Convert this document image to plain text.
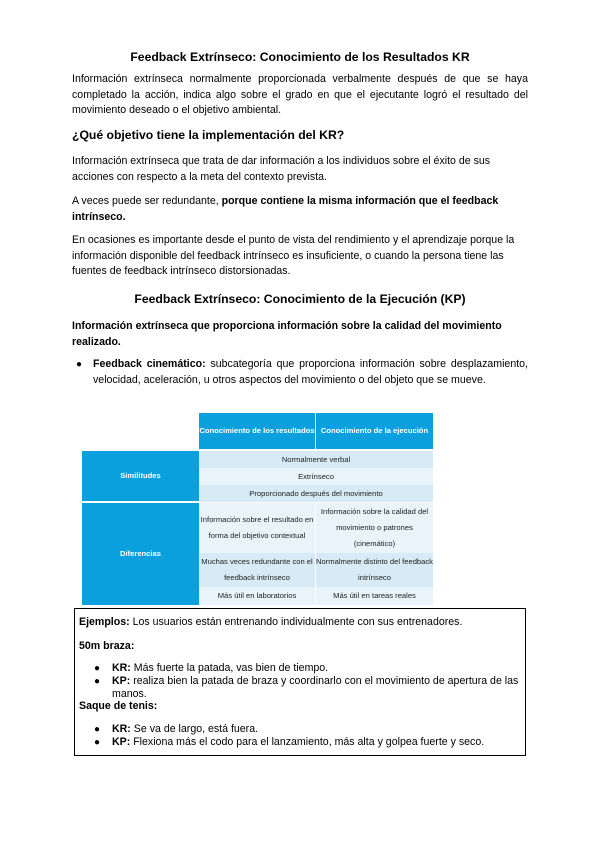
Feedback Extrínseco: Conocimiento de los Resultados KR
Información extrínseca normalmente proporcionada verbalmente después de que se haya completado la acción, indica algo sobre el grado en que el ejecutante logró el resultado del movimiento deseado o el objetivo ambiental.
¿Qué objetivo tiene la implementación del KR?
Información extrínseca que trata de dar información a los individuos sobre el éxito de sus acciones con respecto a la meta del contexto prevista.
A veces puede ser redundante, porque contiene la misma información que el feedback intrínseco.
En ocasiones es importante desde el punto de vista del rendimiento y el aprendizaje porque la información disponible del feedback intrínseco es insuficiente, o cuando la persona tiene las fuentes de feedback intrínseco distorsionadas.
Feedback Extrínseco: Conocimiento de la Ejecución (KP)
Información extrínseca que proporciona información sobre la calidad del movimiento realizado.
● Feedback cinemático: subcategoría que proporciona información sobre desplazamiento, velocidad, aceleración, u otros aspectos del movimiento o del objeto que se mueve.
Conocimiento de los resultados Conocimiento de la ejecución
Similitudes
Normalmente verbal
Extrínseco
Proporcionado después del movimiento
Diferencias
Información sobre el resultado en forma del objetivo contextual
Información sobre la calidad del movimiento o patrones (cinemático)
Muchas veces redundante con el feedback intrínseco
Normalmente distinto del feedback intrínseco
Más útil en laboratorios	Más útil en tareas reales
Ejemplos: Los usuarios están entrenando individualmente con sus entrenadores.
50m braza:
● KR: Más fuerte la patada, vas bien de tiempo.
● KP: realiza bien la patada de braza y coordinarlo con el movimiento de apertura de las manos.
Saque de tenis:
● KR: Se va de largo, está fuera.
● KP: Flexiona más el codo para el lanzamiento, más alta y golpea fuerte y seco.
